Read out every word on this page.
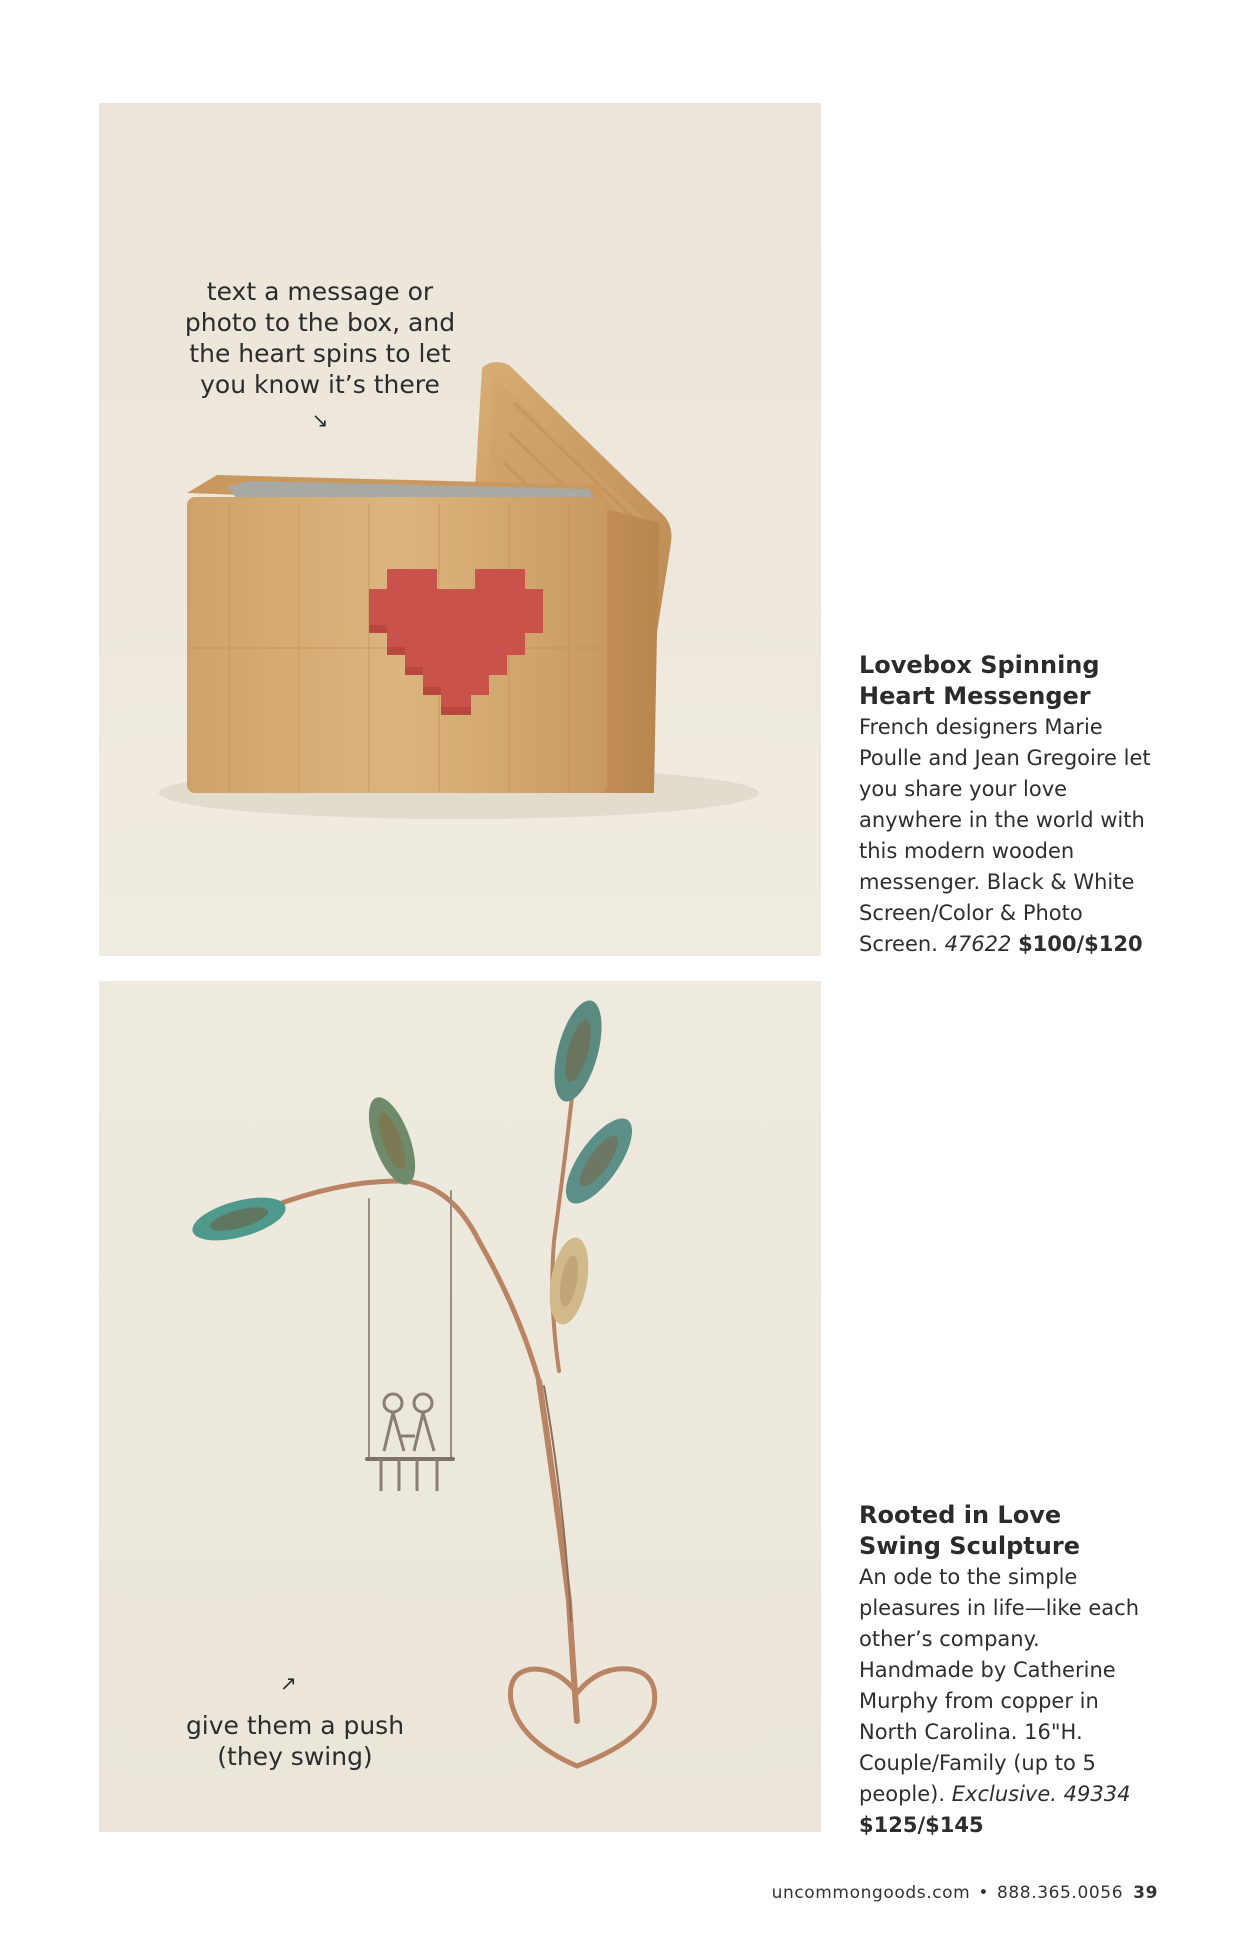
text a message or
photo to the box, and
the heart spins to let
you know it’s there
↘

Lovebox Spinning
Heart Messenger

French designers Marie Poulle and Jean Gregoire let you share your love anywhere in the world with this modern wooden messenger. Black & White Screen/Color & Photo Screen. 47622 $100/$120

↗
give them a push
(they swing)

Rooted in Love
Swing Sculpture

An ode to the simple pleasures in life—like each other’s company. Handmade by Catherine Murphy from copper in North Carolina. 16"H. Couple/Family (up to 5 people). Exclusive. 49334 $125/$145

uncommongoods.com • 888.365.0056 39
